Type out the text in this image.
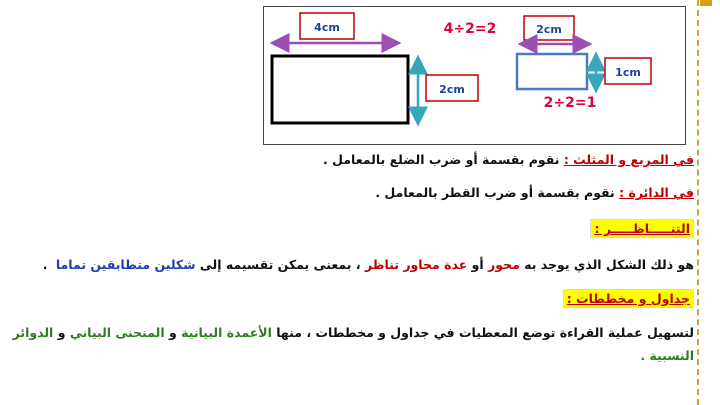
4cm
2cm
4÷2=2	2cm
1cm
2÷2=1
في المربع و المثلث : نقوم بقسمة أو ضرب الضلع بالمعامل .
في الدائرة : نقوم بقسمة أو ضرب القطر بالمعامل .
التنـــــاظـــــر :
هو ذلك الشكل الذي يوجد به محور أو عدة محاور تناظر ، بمعنى يمكن تقسيمه إلى شكلين متطابقين تماما .
جداول و مخططات :
لتسهيل عملية القراءة توضع المعطيات في جداول و مخططات ، منها الأعمدة البيانية و المنحنى البياني و الدوائر
النسبية .
